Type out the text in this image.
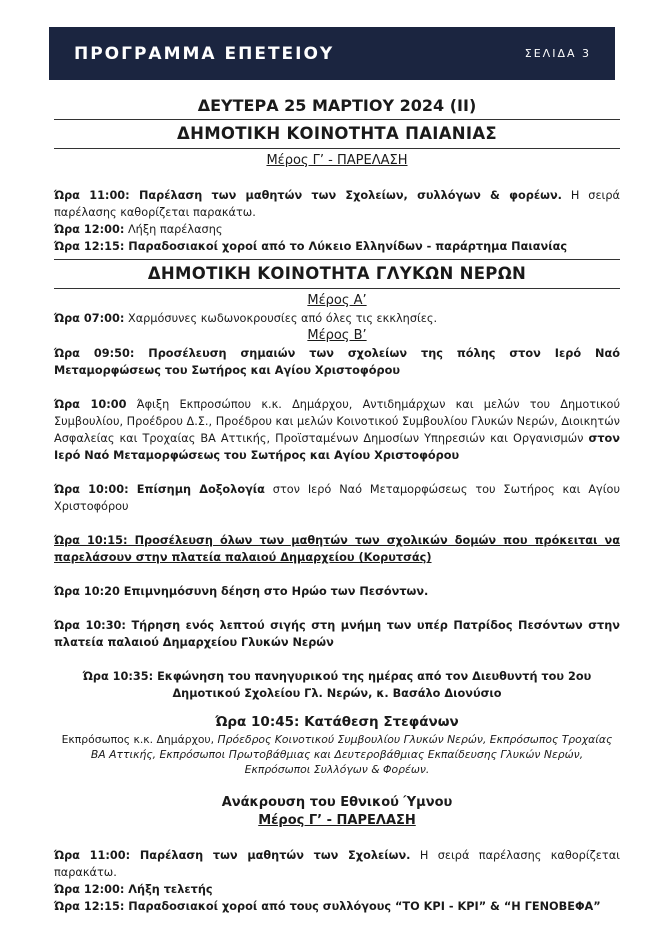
ΠΡΟΓΡΑΜΜΑ ΕΠΕΤΕΙΟΥ	ΣΕΛΙΔΑ 3
ΔΕΥΤΕΡΑ 25 ΜΑΡΤΙΟΥ 2024 (ΙΙ)
ΔΗΜΟΤΙΚΗ ΚΟΙΝΟΤΗΤΑ ΠΑΙΑΝΙΑΣ
Μέρος Γ’ - ΠΑΡΕΛΑΣΗ

Ώρα 11:00: Παρέλαση των μαθητών των Σχολείων, συλλόγων & φορέων. Η σειρά παρέλασης καθορίζεται παρακάτω.

Ώρα 12:00: Λήξη παρέλασης

Ώρα 12:15: Παραδοσιακοί χοροί από το Λύκειο Ελληνίδων - παράρτημα Παιανίας

ΔΗΜΟΤΙΚΗ ΚΟΙΝΟΤΗΤΑ ΓΛΥΚΩΝ ΝΕΡΩΝ
Μέρος Α’

Ώρα 07:00: Χαρμόσυνες κωδωνοκρουσίες από όλες τις εκκλησίες.

Μέρος Β’

Ώρα 09:50: Προσέλευση σημαιών των σχολείων της πόλης στον Ιερό Ναό Μεταμορφώσεως του Σωτήρος και Αγίου Χριστοφόρου

Ώρα 10:00 Άφιξη Εκπροσώπου κ.κ. Δημάρχου, Αντιδημάρχων και μελών του Δημοτικού Συμβουλίου, Προέδρου Δ.Σ., Προέδρου και μελών Κοινοτικού Συμβουλίου Γλυκών Νερών, Διοικητών Ασφαλείας και Τροχαίας ΒΑ Αττικής, Προϊσταμένων Δημοσίων Υπηρεσιών και Οργανισμών στον Ιερό Ναό Μεταμορφώσεως του Σωτήρος και Αγίου Χριστοφόρου

Ώρα 10:00: Επίσημη Δοξολογία στον Ιερό Ναό Μεταμορφώσεως του Σωτήρος και Αγίου Χριστοφόρου

Ώρα 10:15: Προσέλευση όλων των μαθητών των σχολικών δομών που πρόκειται να παρελάσουν στην πλατεία παλαιού Δημαρχείου (Κορυτσάς)

Ώρα 10:20 Επιμνημόσυνη δέηση στο Ηρώο των Πεσόντων.

Ώρα 10:30: Τήρηση ενός λεπτού σιγής στη μνήμη των υπέρ Πατρίδος Πεσόντων στην πλατεία παλαιού Δημαρχείου Γλυκών Νερών

Ώρα 10:35: Εκφώνηση του πανηγυρικού της ημέρας από τον Διευθυντή του 2ου Δημοτικού Σχολείου Γλ. Νερών, κ. Βασάλο Διονύσιο

Ώρα 10:45: Κατάθεση Στεφάνων
Εκπρόσωπος κ.κ. Δημάρχου, Πρόεδρος Κοινοτικού Συμβουλίου Γλυκών Νερών, Εκπρόσωπος Τροχαίας ΒΑ Αττικής, Εκπρόσωποι Πρωτοβάθμιας και Δευτεροβάθμιας Εκπαίδευσης Γλυκών Νερών, Εκπρόσωποι Συλλόγων & Φορέων.
Ανάκρουση του Εθνικού Ύμνου
Μέρος Γ’ - ΠΑΡΕΛΑΣΗ

Ώρα 11:00: Παρέλαση των μαθητών των Σχολείων. Η σειρά παρέλασης καθορίζεται παρακάτω.

Ώρα 12:00: Λήξη τελετής

Ώρα 12:15: Παραδοσιακοί χοροί από τους συλλόγους “ΤΟ ΚΡΙ - ΚΡΙ” & “Η ΓΕΝΟΒΕΦΑ”
